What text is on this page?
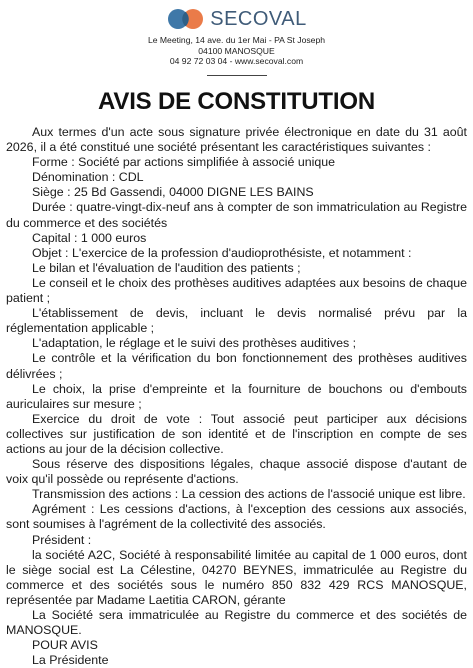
SECOVAL
Le Meeting, 14 ave. du 1er Mai - PA St Joseph
04100 MANOSQUE
04 92 72 03 04 - www.secoval.com
AVIS DE CONSTITUTION

Aux termes d'un acte sous signature privée électronique en date du 31 août 2026, il a été constitué une société présentant les caractéristiques suivantes :

Forme : Société par actions simplifiée à associé unique

Dénomination : CDL

Siège : 25 Bd Gassendi, 04000 DIGNE LES BAINS

Durée : quatre-vingt-dix-neuf ans à compter de son immatriculation au Registre du commerce et des sociétés

Capital : 1 000 euros

Objet : L'exercice de la profession d'audioprothésiste, et notamment :

Le bilan et l'évaluation de l'audition des patients ;

Le conseil et le choix des prothèses auditives adaptées aux besoins de chaque patient ;

L'établissement de devis, incluant le devis normalisé prévu par la réglementation applicable ;

L'adaptation, le réglage et le suivi des prothèses auditives ;

Le contrôle et la vérification du bon fonctionnement des prothèses auditives délivrées ;

Le choix, la prise d'empreinte et la fourniture de bouchons ou d'embouts auriculaires sur mesure ;

Exercice du droit de vote : Tout associé peut participer aux décisions collectives sur justification de son identité et de l'inscription en compte de ses actions au jour de la décision collective.

Sous réserve des dispositions légales, chaque associé dispose d'autant de voix qu'il possède ou représente d'actions.

Transmission des actions : La cession des actions de l'associé unique est libre.

Agrément : Les cessions d'actions, à l'exception des cessions aux associés, sont soumises à l'agrément de la collectivité des associés.

Président :

la société A2C, Société à responsabilité limitée au capital de 1 000 euros, dont le siège social est La Célestine, 04270 BEYNES, immatriculée au Registre du commerce et des sociétés sous le numéro 850 832 429 RCS MANOSQUE, représentée par Madame Laetitia CARON, gérante

La Société sera immatriculée au Registre du commerce et des sociétés de MANOSQUE.

POUR AVIS

La Présidente
